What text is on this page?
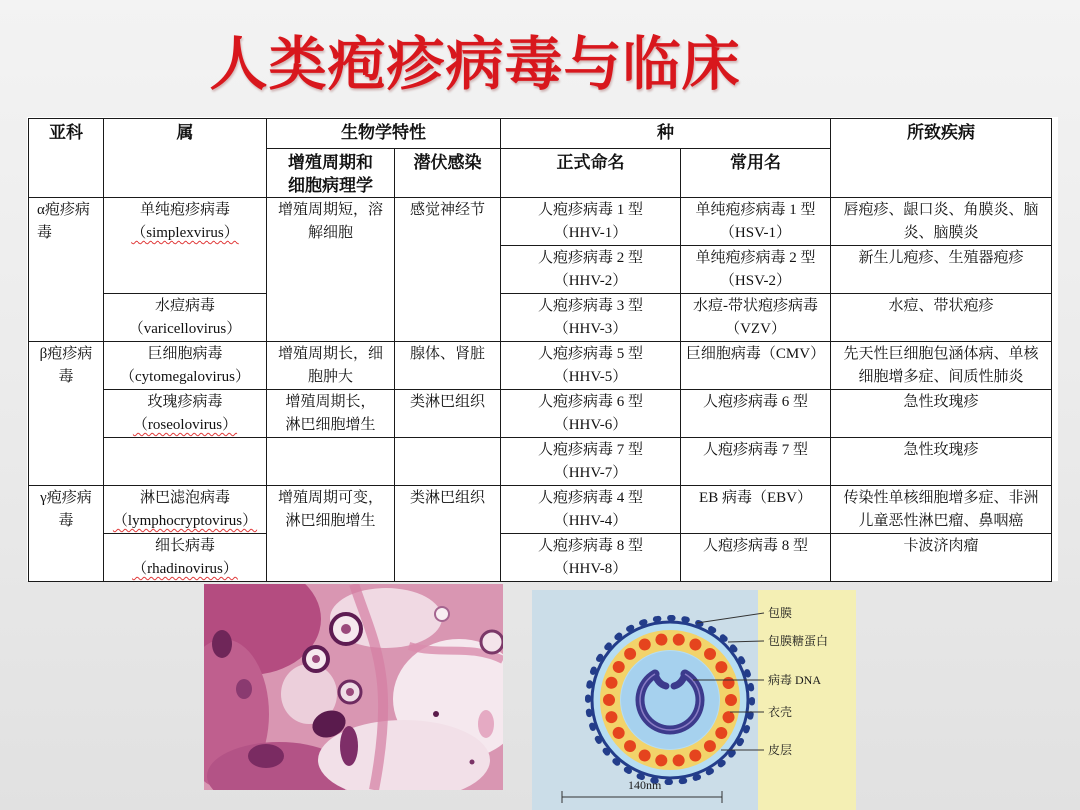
人类疱疹病毒与临床
亚科	属	生物学特性		种		所致疾病

		增殖周期和
细胞病理学	潜伏感染	正式命名	常用名	

α疱疹病
毒	单纯疱疹病毒
（simplexvirus）	增殖周期短，溶
解细胞	感觉神经节	人疱疹病毒 1 型
（HHV-1）	单纯疱疹病毒 1 型
（HSV-1）	唇疱疹、龈口炎、角膜炎、脑
炎、脑膜炎

				人疱疹病毒 2 型
（HHV-2）	单纯疱疹病毒 2 型
（HSV-2）	新生儿疱疹、生殖器疱疹

	水痘病毒
（varicellovirus）			人疱疹病毒 3 型
（HHV-3）	水痘-带状疱疹病毒
（VZV）	水痘、带状疱疹

β疱疹病
毒	巨细胞病毒
（cytomegalovirus）	增殖周期长，细
胞肿大	腺体、肾脏	人疱疹病毒 5 型
（HHV-5）	巨细胞病毒（CMV）	先天性巨细胞包涵体病、单核
细胞增多症、间质性肺炎

	玫瑰疹病毒
（roseolovirus）	增殖周期长，
淋巴细胞增生	类淋巴组织	人疱疹病毒 6 型
（HHV-6）	人疱疹病毒 6 型	急性玫瑰疹

				人疱疹病毒 7 型
（HHV-7）	人疱疹病毒 7 型	急性玫瑰疹

γ疱疹病
毒	淋巴滤泡病毒
（lymphocryptovirus）	增殖周期可变，
淋巴细胞增生	类淋巴组织	人疱疹病毒 4 型
（HHV-4）	EB 病毒（EBV）	传染性单核细胞增多症、非洲
儿童恶性淋巴瘤、鼻咽癌

	细长病毒
（rhadinovirus）			人疱疹病毒 8 型
（HHV-8）	人疱疹病毒 8 型	卡波济肉瘤
包膜
包膜糖蛋白
病毒 DNA
衣壳
皮层
140nm
